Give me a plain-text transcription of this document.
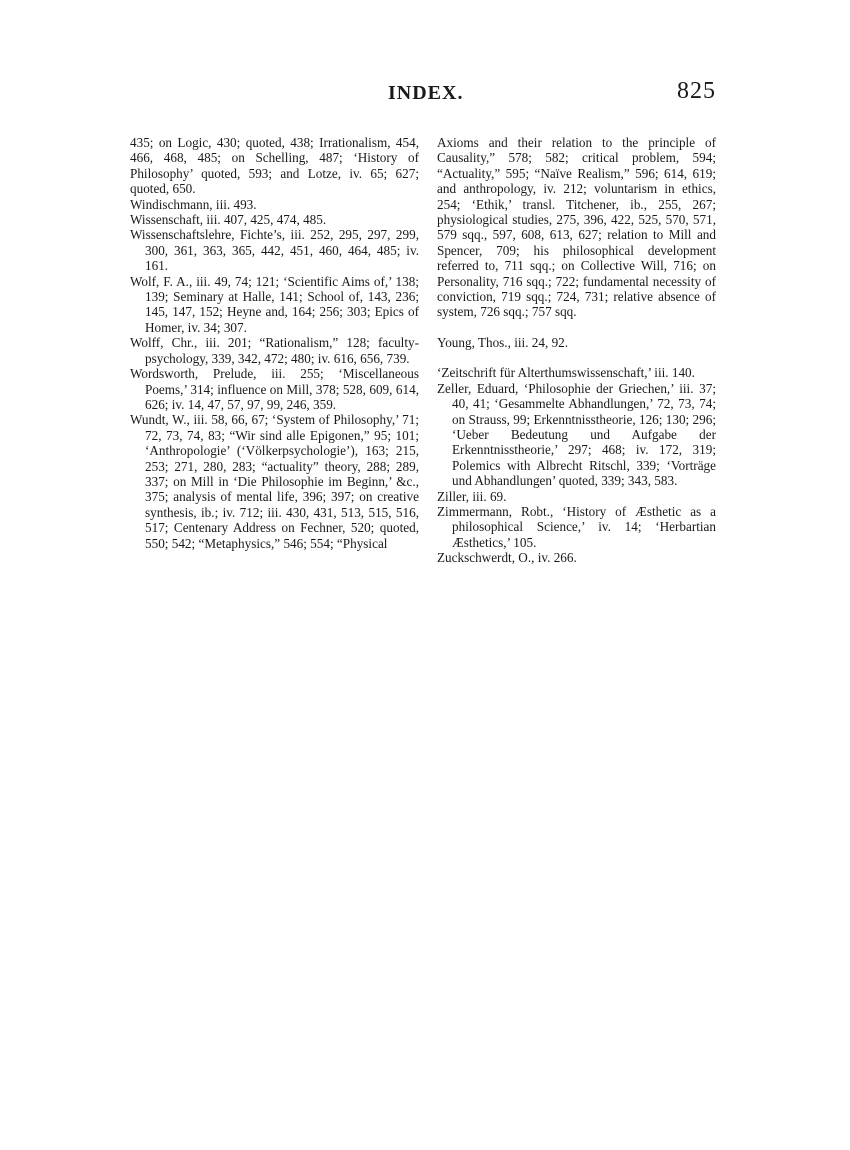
INDEX.	825

435; on Logic, 430; quoted, 438; Irrationalism, 454, 466, 468, 485; on Schelling, 487; ‘History of Philosophy’ quoted, 593; and Lotze, iv. 65; 627; quoted, 650.

Windischmann, iii. 493.

Wissenschaft, iii. 407, 425, 474, 485.

Wissenschaftslehre, Fichte’s, iii. 252, 295, 297, 299, 300, 361, 363, 365, 442, 451, 460, 464, 485; iv. 161.

Wolf, F. A., iii. 49, 74; 121; ‘Scientific Aims of,’ 138; 139; Seminary at Halle, 141; School of, 143, 236; 145, 147, 152; Heyne and, 164; 256; 303; Epics of Homer, iv. 34; 307.

Wolff, Chr., iii. 201; “Rationalism,” 128; faculty-psychology, 339, 342, 472; 480; iv. 616, 656, 739.

Wordsworth, Prelude, iii. 255; ‘Miscellaneous Poems,’ 314; influence on Mill, 378; 528, 609, 614, 626; iv. 14, 47, 57, 97, 99, 246, 359.

Wundt, W., iii. 58, 66, 67; ‘System of Philosophy,’ 71; 72, 73, 74, 83; “Wir sind alle Epigonen,” 95; 101; ‘Anthropologie’ (‘Völkerpsychologie’), 163; 215, 253; 271, 280, 283; “actuality” theory, 288; 289, 337; on Mill in ‘Die Philosophie im Beginn,’ &c., 375; analysis of mental life, 396; 397; on creative synthesis, ib.; iv. 712; iii. 430, 431, 513, 515, 516, 517; Centenary Address on Fechner, 520; quoted, 550; 542; “Metaphysics,” 546; 554; “Physical

Axioms and their relation to the principle of Causality,” 578; 582; critical problem, 594; “Actuality,” 595; “Naïve Realism,” 596; 614, 619; and anthropology, iv. 212; voluntarism in ethics, 254; ‘Ethik,’ transl. Titchener, ib., 255, 267; physiological studies, 275, 396, 422, 525, 570, 571, 579 sqq., 597, 608, 613, 627; relation to Mill and Spencer, 709; his philosophical development referred to, 711 sqq.; on Collective Will, 716; on Personality, 716 sqq.; 722; fundamental necessity of conviction, 719 sqq.; 724, 731; relative absence of system, 726 sqq.; 757 sqq.

Young, Thos., iii. 24, 92.

‘Zeitschrift für Alterthumswissenschaft,’ iii. 140.

Zeller, Eduard, ‘Philosophie der Griechen,’ iii. 37; 40, 41; ‘Gesammelte Abhandlungen,’ 72, 73, 74; on Strauss, 99; Erkenntnisstheorie, 126; 130; 296; ‘Ueber Bedeutung und Aufgabe der Erkenntnisstheorie,’ 297; 468; iv. 172, 319; Polemics with Albrecht Ritschl, 339; ‘Vorträge und Abhandlungen’ quoted, 339; 343, 583.

Ziller, iii. 69.

Zimmermann, Robt., ‘History of Æsthetic as a philosophical Science,’ iv. 14; ‘Herbartian Æsthetics,’ 105.

Zuckschwerdt, O., iv. 266.
